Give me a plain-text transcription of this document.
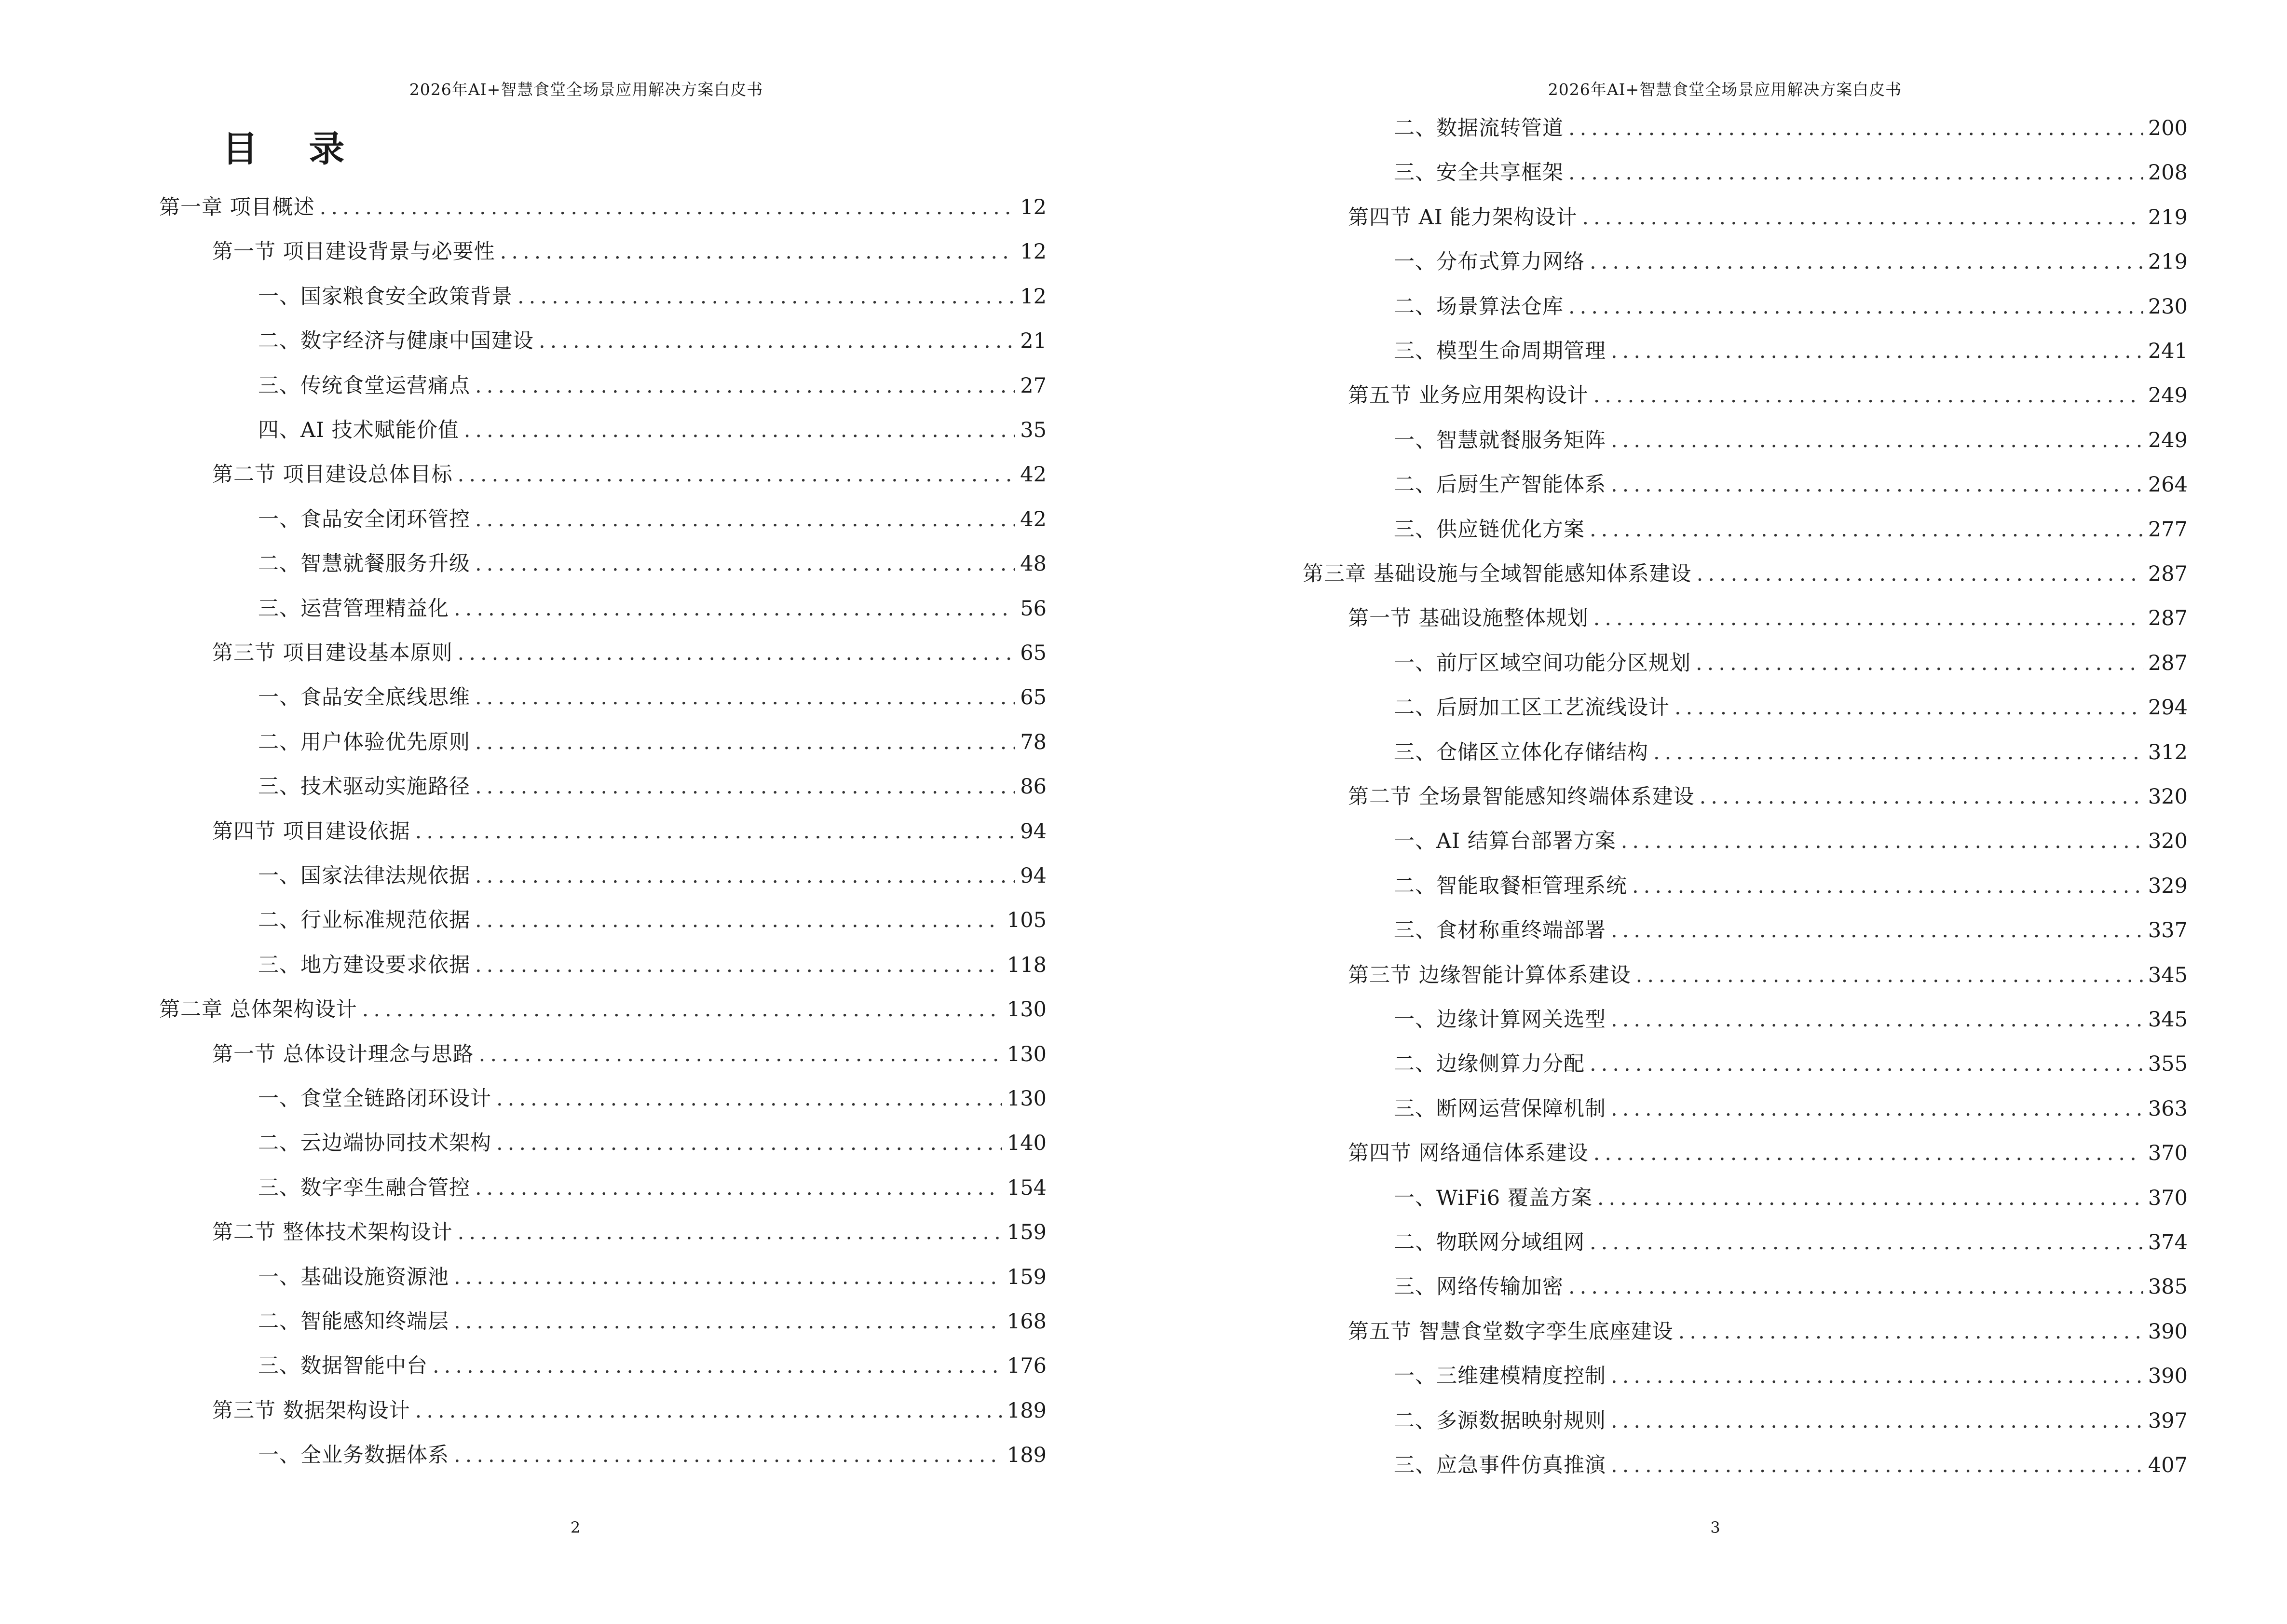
2026年AI+智慧食堂全场景应用解决方案白皮书
目 录
第一章 项目概述 .....	12
第一节 项目建设背景与必要性 .....	12
一、国家粮食安全政策背景 .....	12
二、数字经济与健康中国建设 .....	21
三、传统食堂运营痛点 .....	27
四、AI 技术赋能价值 .....	35
第二节 项目建设总体目标 .....	42
一、食品安全闭环管控 .....	42
二、智慧就餐服务升级 .....	48
三、运营管理精益化 .....	56
第三节 项目建设基本原则 .....	65
一、食品安全底线思维 .....	65
二、用户体验优先原则 .....	78
三、技术驱动实施路径 .....	86
第四节 项目建设依据 .....	94
一、国家法律法规依据 .....	94
二、行业标准规范依据 .....	105
三、地方建设要求依据 .....	118
第二章 总体架构设计 .....	130
第一节 总体设计理念与思路 .....	130
一、食堂全链路闭环设计 .....	130
二、云边端协同技术架构 .....	140
三、数字孪生融合管控 .....	154
第二节 整体技术架构设计 .....	159
一、基础设施资源池 .....	159
二、智能感知终端层 .....	168
三、数据智能中台 .....	176
第三节 数据架构设计 .....	189
一、全业务数据体系 .....	189
2
2026年AI+智慧食堂全场景应用解决方案白皮书
二、数据流转管道 .....	200
三、安全共享框架 .....	208
第四节 AI 能力架构设计 .....	219
一、分布式算力网络 .....	219
二、场景算法仓库 .....	230
三、模型生命周期管理 .....	241
第五节 业务应用架构设计 .....	249
一、智慧就餐服务矩阵 .....	249
二、后厨生产智能体系 .....	264
三、供应链优化方案 .....	277
第三章 基础设施与全域智能感知体系建设 .....	287
第一节 基础设施整体规划 .....	287
一、前厅区域空间功能分区规划 .....	287
二、后厨加工区工艺流线设计 .....	294
三、仓储区立体化存储结构 .....	312
第二节 全场景智能感知终端体系建设 .....	320
一、AI 结算台部署方案 .....	320
二、智能取餐柜管理系统 .....	329
三、食材称重终端部署 .....	337
第三节 边缘智能计算体系建设 .....	345
一、边缘计算网关选型 .....	345
二、边缘侧算力分配 .....	355
三、断网运营保障机制 .....	363
第四节 网络通信体系建设 .....	370
一、WiFi6 覆盖方案 .....	370
二、物联网分域组网 .....	374
三、网络传输加密 .....	385
第五节 智慧食堂数字孪生底座建设 .....	390
一、三维建模精度控制 .....	390
二、多源数据映射规则 .....	397
三、应急事件仿真推演 .....	407
3
